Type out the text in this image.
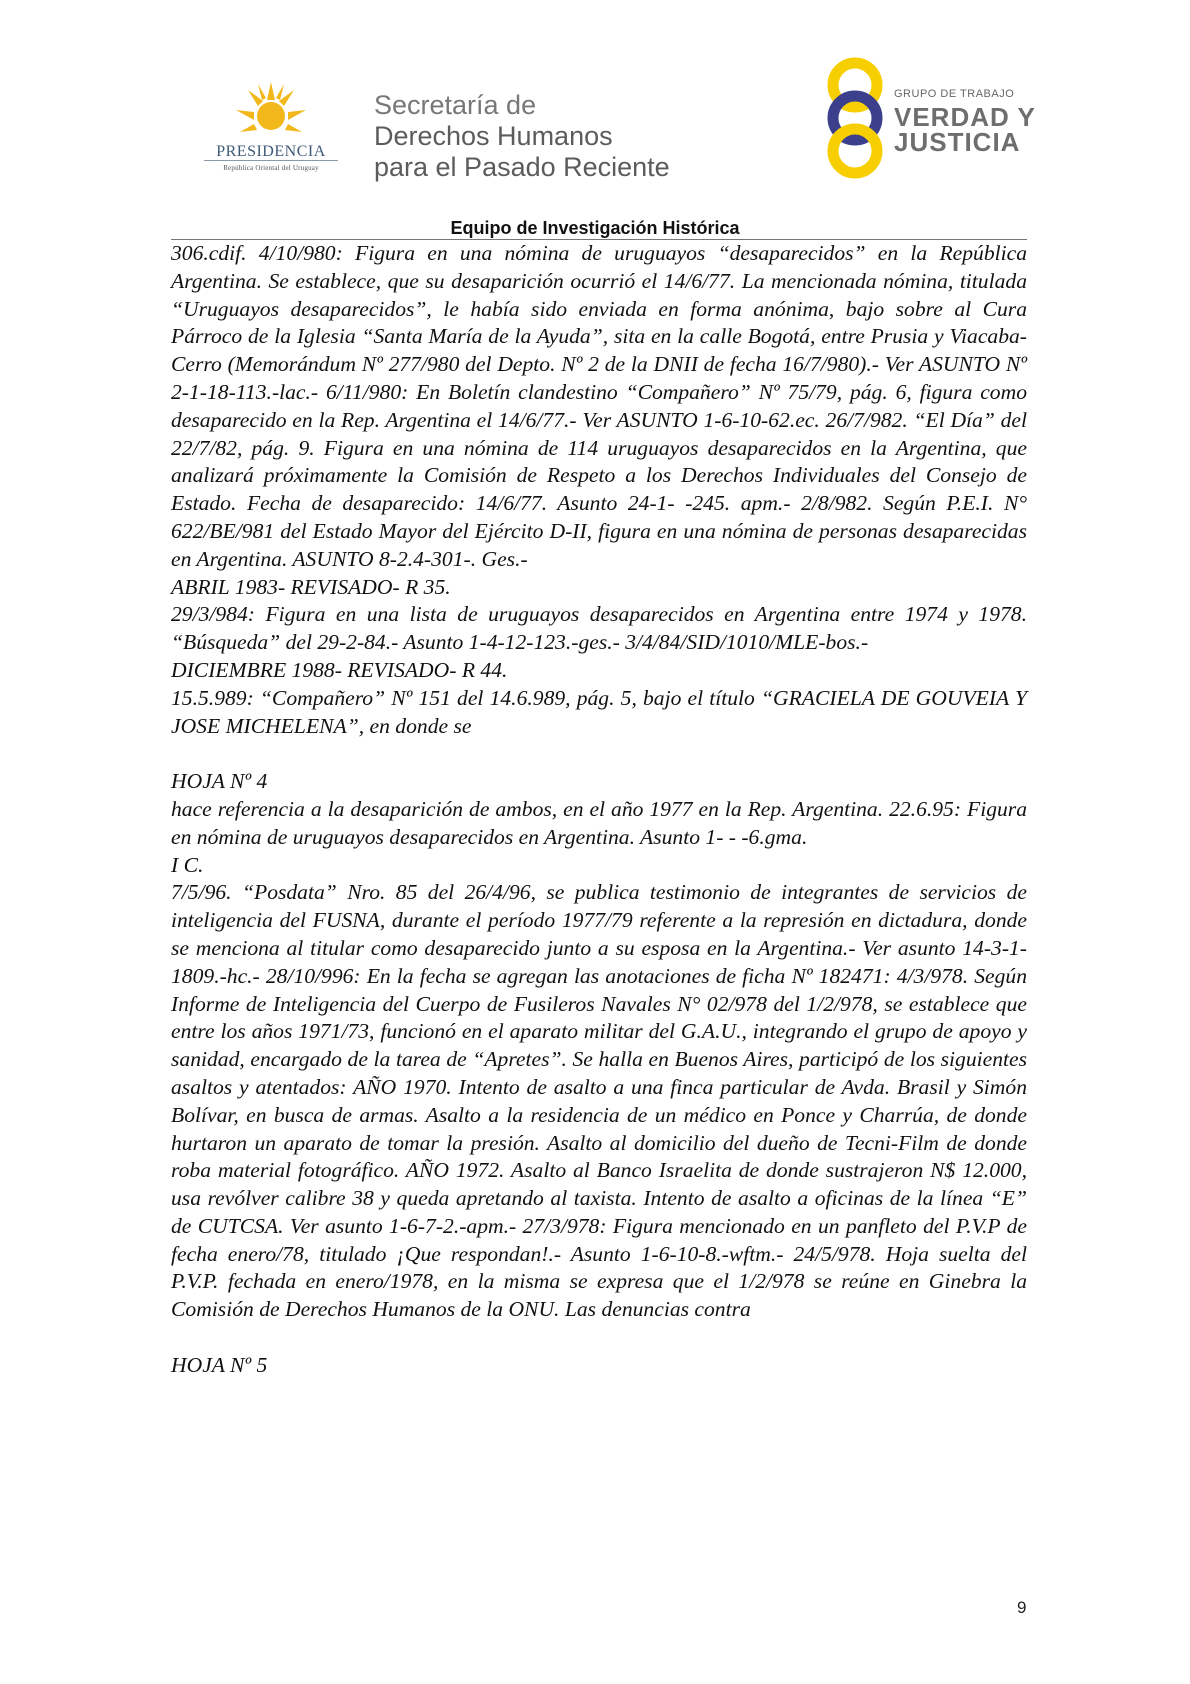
PRESIDENCIA
República Oriental del Uruguay
Secretaría de
Derechos Humanos
para el Pasado Reciente
GRUPO DE TRABAJO
VERDAD Y
JUSTICIA
Equipo de Investigación Histórica

306.cdif. 4/10/980: Figura en una nómina de uruguayos “desaparecidos” en la República Argentina. Se establece, que su desaparición ocurrió el 14/6/77. La mencionada nómina, titulada “Uruguayos desaparecidos”, le había sido enviada en forma anónima, bajo sobre al Cura Párroco de la Iglesia “Santa María de la Ayuda”, sita en la calle Bogotá, entre Prusia y Viacaba- Cerro (Memorándum Nº 277/980 del Depto. Nº 2 de la DNII de fecha 16/7/980).- Ver ASUNTO Nº 2-1-18-113.-lac.- 6/11/980: En Boletín clandestino “Compañero” Nº 75/79, pág. 6, figura como desaparecido en la Rep. Argentina el 14/6/77.- Ver ASUNTO 1-6-10-62.ec. 26/7/982. “El Día” del 22/7/82, pág. 9. Figura en una nómina de 114 uruguayos desaparecidos en la Argentina, que analizará próximamente la Comisión de Respeto a los Derechos Individuales del Consejo de Estado. Fecha de desaparecido: 14/6/77. Asunto 24-1- -245. apm.- 2/8/982. Según P.E.I. N° 622/BE/981 del Estado Mayor del Ejército D-II, figura en una nómina de personas desaparecidas en Argentina. ASUNTO 8-2.4-301-. Ges.-

ABRIL 1983- REVISADO- R 35.

29/3/984: Figura en una lista de uruguayos desaparecidos en Argentina entre 1974 y 1978. “Búsqueda” del 29-2-84.- Asunto 1-4-12-123.-ges.- 3/4/84/SID/1010/MLE-bos.-

DICIEMBRE 1988- REVISADO- R 44.

15.5.989: “Compañero” Nº 151 del 14.6.989, pág. 5, bajo el título “GRACIELA DE GOUVEIA Y JOSE MICHELENA”, en donde se

HOJA Nº 4

hace referencia a la desaparición de ambos, en el año 1977 en la Rep. Argentina. 22.6.95: Figura en nómina de uruguayos desaparecidos en Argentina. Asunto 1- - -6.gma.

I C.

7/5/96. “Posdata” Nro. 85 del 26/4/96, se publica testimonio de integrantes de servicios de inteligencia del FUSNA, durante el período 1977/79 referente a la represión en dictadura, donde se menciona al titular como desaparecido junto a su esposa en la Argentina.- Ver asunto 14-3-1-1809.-hc.- 28/10/996: En la fecha se agregan las anotaciones de ficha Nº 182471: 4/3/978. Según Informe de Inteligencia del Cuerpo de Fusileros Navales N° 02/978 del 1/2/978, se establece que entre los años 1971/73, funcionó en el aparato militar del G.A.U., integrando el grupo de apoyo y sanidad, encargado de la tarea de “Apretes”. Se halla en Buenos Aires, participó de los siguientes asaltos y atentados: AÑO 1970. Intento de asalto a una finca particular de Avda. Brasil y Simón Bolívar, en busca de armas. Asalto a la residencia de un médico en Ponce y Charrúa, de donde hurtaron un aparato de tomar la presión. Asalto al domicilio del dueño de Tecni-Film de donde roba material fotográfico. AÑO 1972. Asalto al Banco Israelita de donde sustrajeron N$ 12.000, usa revólver calibre 38 y queda apretando al taxista. Intento de asalto a oficinas de la línea “E” de CUTCSA. Ver asunto 1-6-7-2.-apm.- 27/3/978: Figura mencionado en un panfleto del P.V.P de fecha enero/78, titulado ¡Que respondan!.- Asunto 1-6-10-8.-wftm.- 24/5/978. Hoja suelta del P.V.P. fechada en enero/1978, en la misma se expresa que el 1/2/978 se reúne en Ginebra la Comisión de Derechos Humanos de la ONU. Las denuncias contra

HOJA Nº 5

9
